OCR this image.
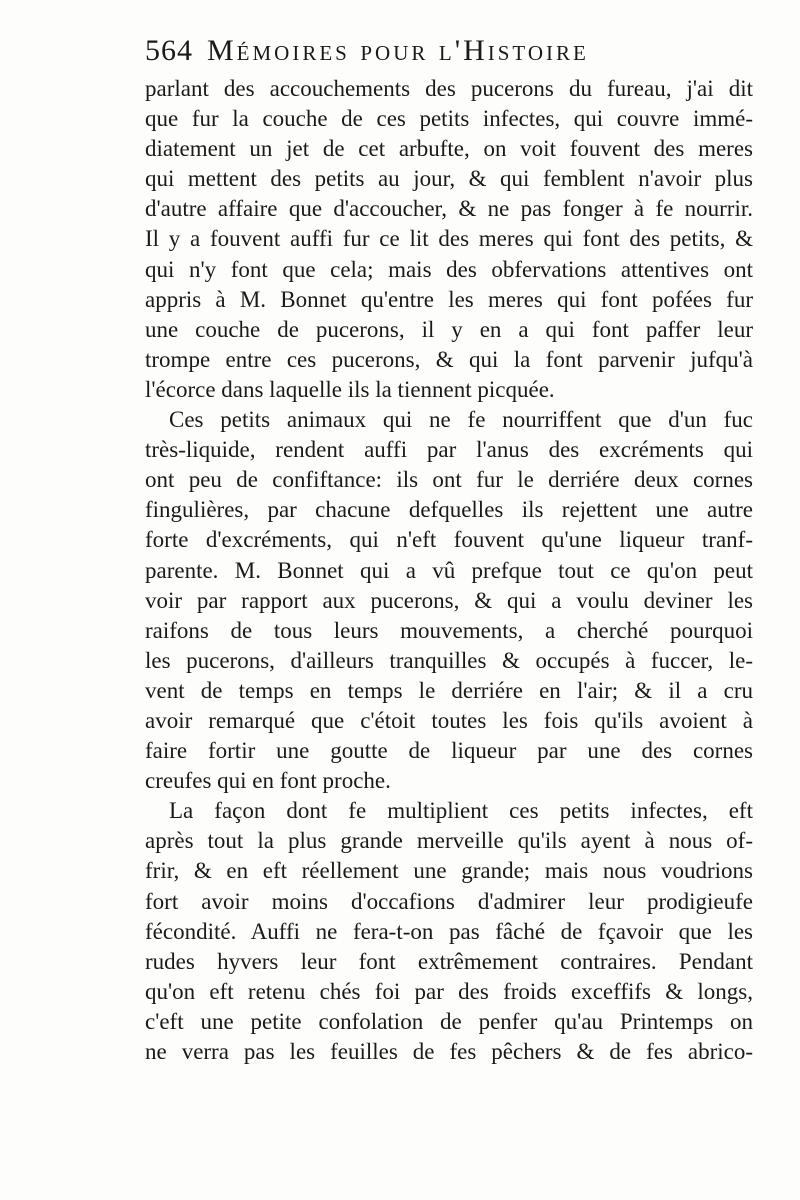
564 Mémoires pour l'Histoire
parlant des accouchements des pucerons du fureau, j'ai dit
que fur la couche de ces petits infectes, qui couvre immé-
diatement un jet de cet arbufte, on voit fouvent des meres
qui mettent des petits au jour, & qui femblent n'avoir plus
d'autre affaire que d'accoucher, & ne pas fonger à fe nourrir.
Il y a fouvent auffi fur ce lit des meres qui font des petits, &
qui n'y font que cela; mais des obfervations attentives ont
appris à M. Bonnet qu'entre les meres qui font pofées fur
une couche de pucerons, il y en a qui font paffer leur
trompe entre ces pucerons, & qui la font parvenir jufqu'à
l'écorce dans laquelle ils la tiennent picquée.
Ces petits animaux qui ne fe nourriffent que d'un fuc
très-liquide, rendent auffi par l'anus des excréments qui
ont peu de confiftance: ils ont fur le derriére deux cornes
fingulières, par chacune defquelles ils rejettent une autre
forte d'excréments, qui n'eft fouvent qu'une liqueur tranf-
parente. M. Bonnet qui a vû prefque tout ce qu'on peut
voir par rapport aux pucerons, & qui a voulu deviner les
raifons de tous leurs mouvements, a cherché pourquoi
les pucerons, d'ailleurs tranquilles & occupés à fuccer, le-
vent de temps en temps le derriére en l'air; & il a cru
avoir remarqué que c'étoit toutes les fois qu'ils avoient à
faire fortir une goutte de liqueur par une des cornes
creufes qui en font proche.
La façon dont fe multiplient ces petits infectes, eft
après tout la plus grande merveille qu'ils ayent à nous of-
frir, & en eft réellement une grande; mais nous voudrions
fort avoir moins d'occafions d'admirer leur prodigieufe
fécondité. Auffi ne fera-t-on pas fâché de fçavoir que les
rudes hyvers leur font extrêmement contraires. Pendant
qu'on eft retenu chés foi par des froids exceffifs & longs,
c'eft une petite confolation de penfer qu'au Printemps on
ne verra pas les feuilles de fes pêchers & de fes abrico-
